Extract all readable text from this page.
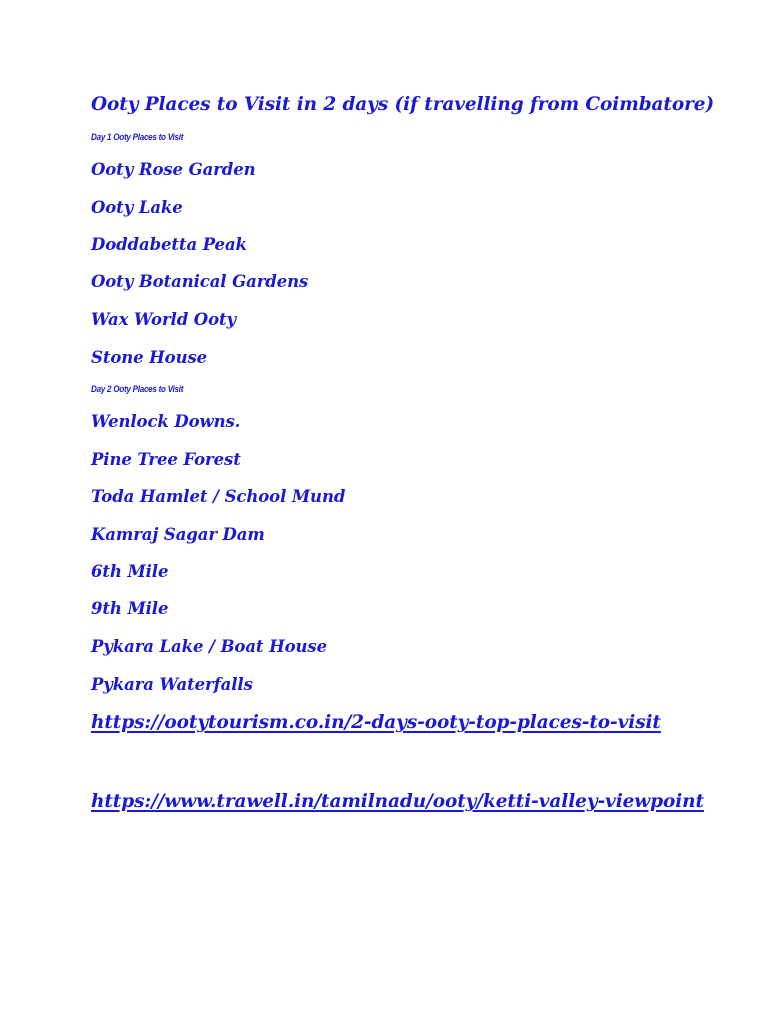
Ooty Places to Visit in 2 days (if travelling from Coimbatore)
Day 1 Ooty Places to Visit
Ooty Rose Garden
Ooty Lake
Doddabetta Peak
Ooty Botanical Gardens
Wax World Ooty
Stone House
Day 2 Ooty Places to Visit
Wenlock Downs.
Pine Tree Forest
Toda Hamlet / School Mund
Kamraj Sagar Dam
6th Mile
9th Mile
Pykara Lake / Boat House
Pykara Waterfalls
https://ootytourism.co.in/2-days-ooty-top-places-to-visit
https://www.trawell.in/tamilnadu/ooty/ketti-valley-viewpoint
